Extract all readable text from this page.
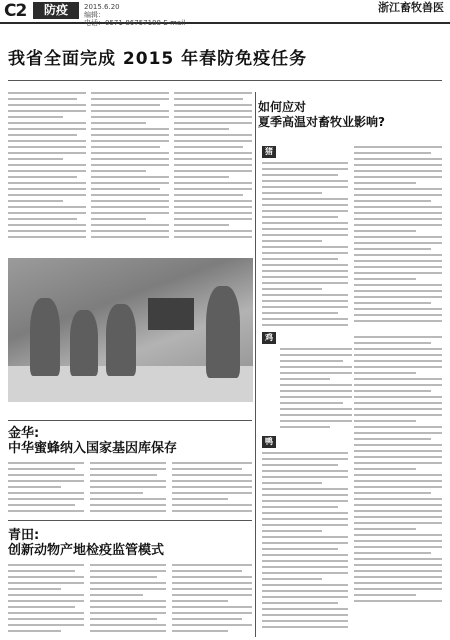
C2	防疫	2015.6.20
编辑：
电话：0571-86757188 E-mail
浙江畜牧兽医
我省全面完成 2015 年春防免疫任务
如何应对
夏季高温对畜牧业影响?
猪
鸡
鸭
金华:
中华蜜蜂纳入国家基因库保存
青田:
创新动物产地检疫监管模式
